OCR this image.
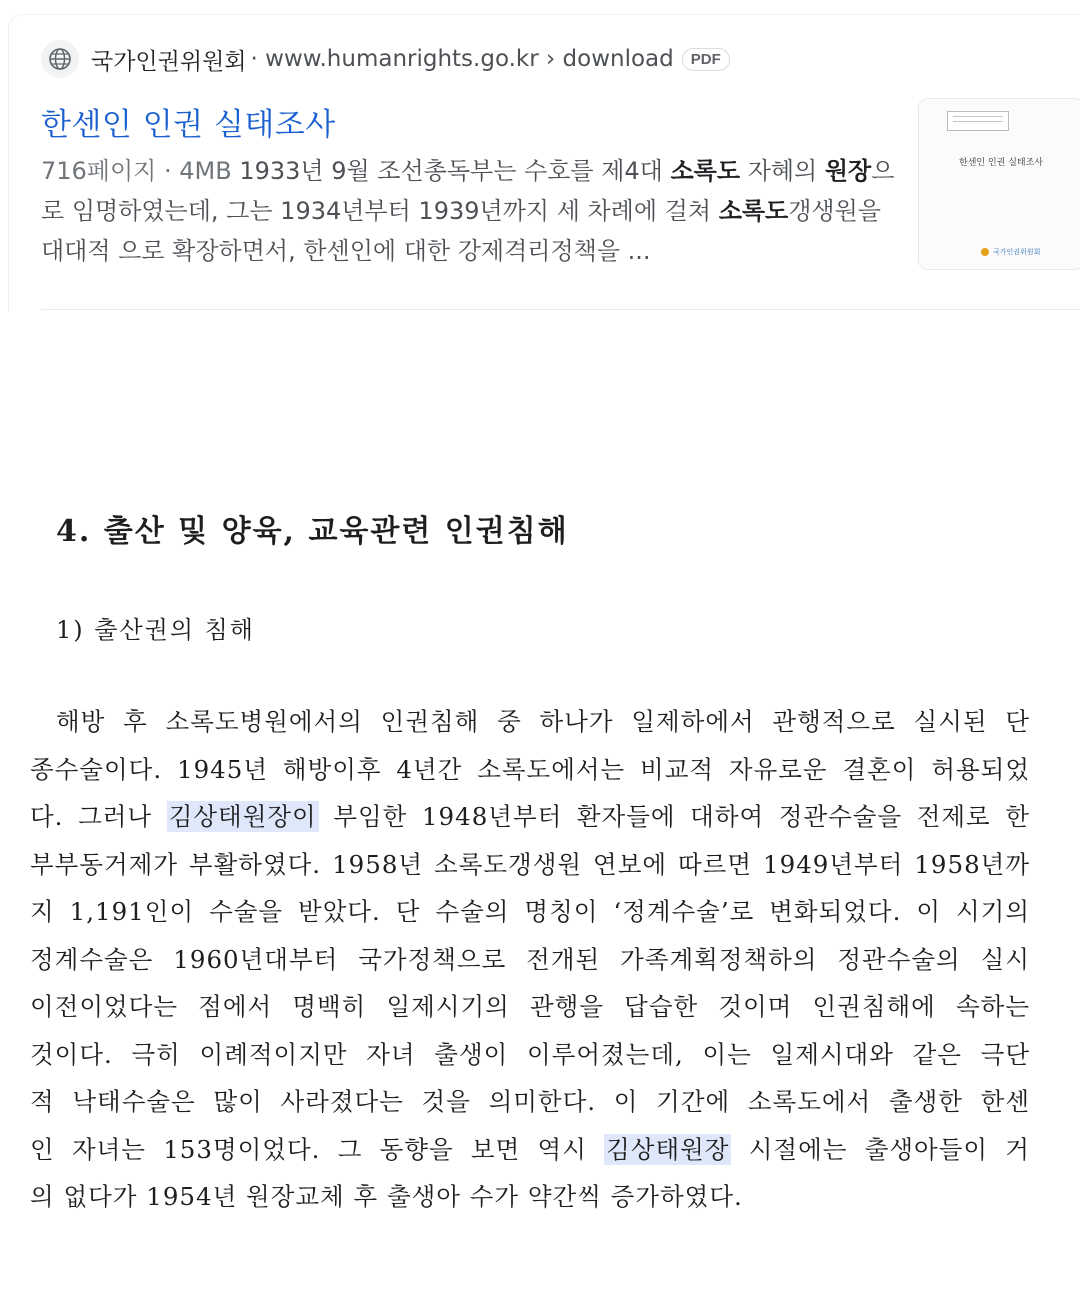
국가인권위원회 · www.humanrights.go.kr › download	PDF
한센인 인권 실태조사
716페이지 · 4MB 1933년 9월 조선총독부는 수호를 제4대 소록도 자혜의 원장으로 임명하였는데, 그는 1934년부터 1939년까지 세 차례에 걸쳐 소록도갱생원을 대대적 으로 확장하면서, 한센인에 대한 강제격리정책을 ...
한센인 인권 실태조사
국가인권위원회
4. 출산 및 양육, 교육관련 인권침해
1) 출산권의 침해
해방 후 소록도병원에서의 인권침해 중 하나가 일제하에서 관행적으로 실시된 단
종수술이다. 1945년 해방이후 4년간 소록도에서는 비교적 자유로운 결혼이 허용되었
다. 그러나 김상태원장이 부임한 1948년부터 환자들에 대하여 정관수술을 전제로 한
부부동거제가 부활하였다. 1958년 소록도갱생원 연보에 따르면 1949년부터 1958년까
지 1,191인이 수술을 받았다. 단 수술의 명칭이 ‘정계수술’로 변화되었다. 이 시기의
정계수술은 1960년대부터 국가정책으로 전개된 가족계획정책하의 정관수술의 실시
이전이었다는 점에서 명백히 일제시기의 관행을 답습한 것이며 인권침해에 속하는
것이다. 극히 이례적이지만 자녀 출생이 이루어졌는데, 이는 일제시대와 같은 극단
적 낙태수술은 많이 사라졌다는 것을 의미한다. 이 기간에 소록도에서 출생한 한센
인 자녀는 153명이었다. 그 동향을 보면 역시 김상태원장 시절에는 출생아들이 거
의 없다가 1954년 원장교체 후 출생아 수가 약간씩 증가하였다.
